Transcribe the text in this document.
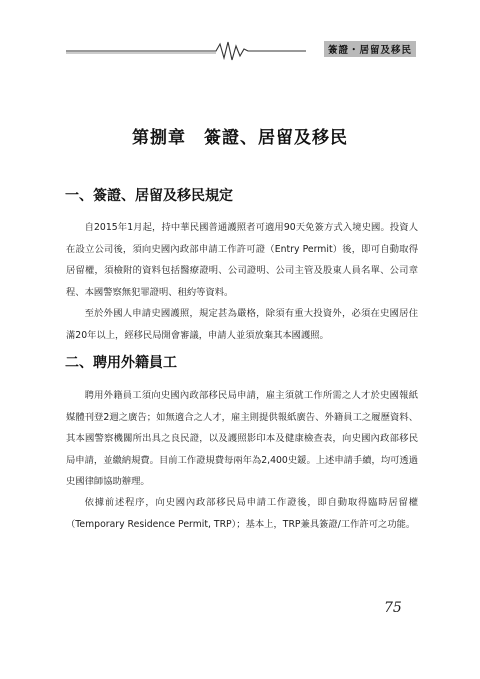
簽證・居留及移民
第捌章 簽證、居留及移民
一、簽證、居留及移民規定

自2015年1月起，持中華民國普通護照者可適用90天免簽方式入境史國。投資人在設立公司後，須向史國內政部申請工作許可證（Entry Permit）後，即可自動取得居留權，須檢附的資料包括醫療證明、公司證明、公司主管及股東人員名單、公司章程、本國警察無犯罪證明、租約等資料。

至於外國人申請史國護照，規定甚為嚴格，除須有重大投資外，必須在史國居住滿20年以上，經移民局開會審議，申請人並須放棄其本國護照。

二、聘用外籍員工

聘用外籍員工須向史國內政部移民局申請，雇主須就工作所需之人才於史國報紙媒體刊登2週之廣告；如無適合之人才，雇主則提供報紙廣告、外籍員工之履歷資料、其本國警察機關所出具之良民證，以及護照影印本及健康檢查表，向史國內政部移民局申請，並繳納規費。目前工作證規費每兩年為2,400史鍰。上述申請手續，均可透過史國律師協助辦理。

依據前述程序，向史國內政部移民局申請工作證後，即自動取得臨時居留權（Temporary Residence Permit, TRP）；基本上，TRP兼具簽證/工作許可之功能。

75
